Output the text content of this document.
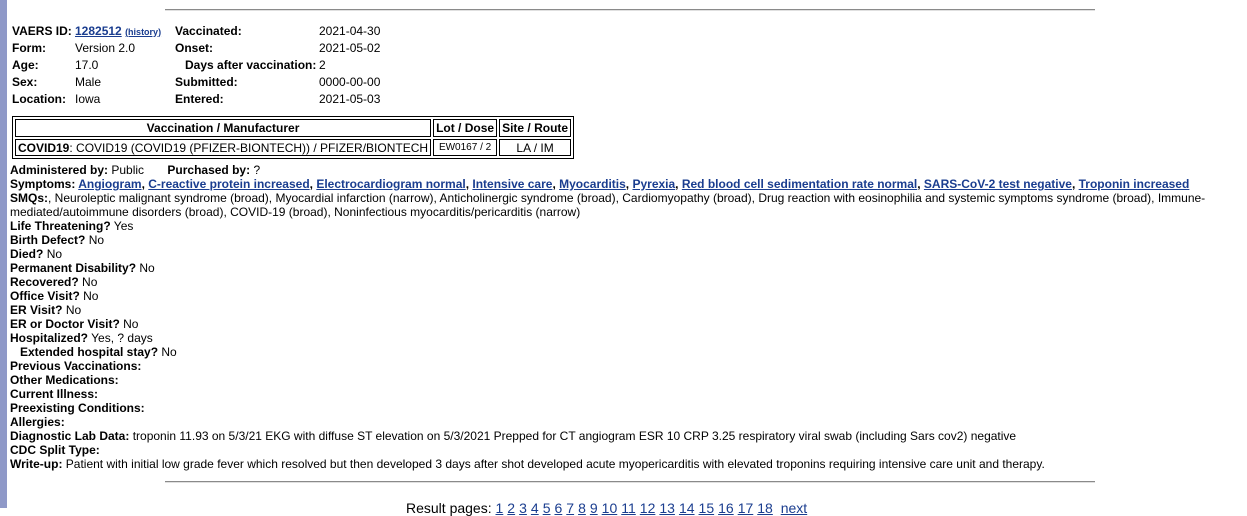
VAERS ID:	1282512 (history)	Vaccinated:	2021-04-30
Form:	Version 2.0	Onset:	2021-05-02
Age:	17.0	Days after vaccination:	2
Sex:	Male	Submitted:	0000-00-00
Location:	Iowa	Entered:	2021-05-03
Vaccination / Manufacturer	Lot / Dose	Site / Route
COVID19: COVID19 (COVID19 (PFIZER-BIONTECH)) / PFIZER/BIONTECH	EW0167 / 2	LA / IM
Administered by: Public Purchased by: ?
Symptoms: Angiogram, C-reactive protein increased, Electrocardiogram normal, Intensive care, Myocarditis, Pyrexia, Red blood cell sedimentation rate normal, SARS-CoV-2 test negative, Troponin increased
SMQs:, Neuroleptic malignant syndrome (broad), Myocardial infarction (narrow), Anticholinergic syndrome (broad), Cardiomyopathy (broad), Drug reaction with eosinophilia and systemic symptoms syndrome (broad), Immune-mediated/autoimmune disorders (broad), COVID-19 (broad), Noninfectious myocarditis/pericarditis (narrow)
Life Threatening? Yes
Birth Defect? No
Died? No
Permanent Disability? No
Recovered? No
Office Visit? No
ER Visit? No
ER or Doctor Visit? No
Hospitalized? Yes, ? days
Extended hospital stay? No
Previous Vaccinations:
Other Medications:
Current Illness:
Preexisting Conditions:
Allergies:
Diagnostic Lab Data: troponin 11.93 on 5/3/21 EKG with diffuse ST elevation on 5/3/2021 Prepped for CT angiogram ESR 10 CRP 3.25 respiratory viral swab (including Sars cov2) negative
CDC Split Type:
Write-up: Patient with initial low grade fever which resolved but then developed 3 days after shot developed acute myopericarditis with elevated troponins requiring intensive care unit and therapy.
Result pages: 1 2 3 4 5 6 7 8 9 10 11 12 13 14 15 16 17 18 next
